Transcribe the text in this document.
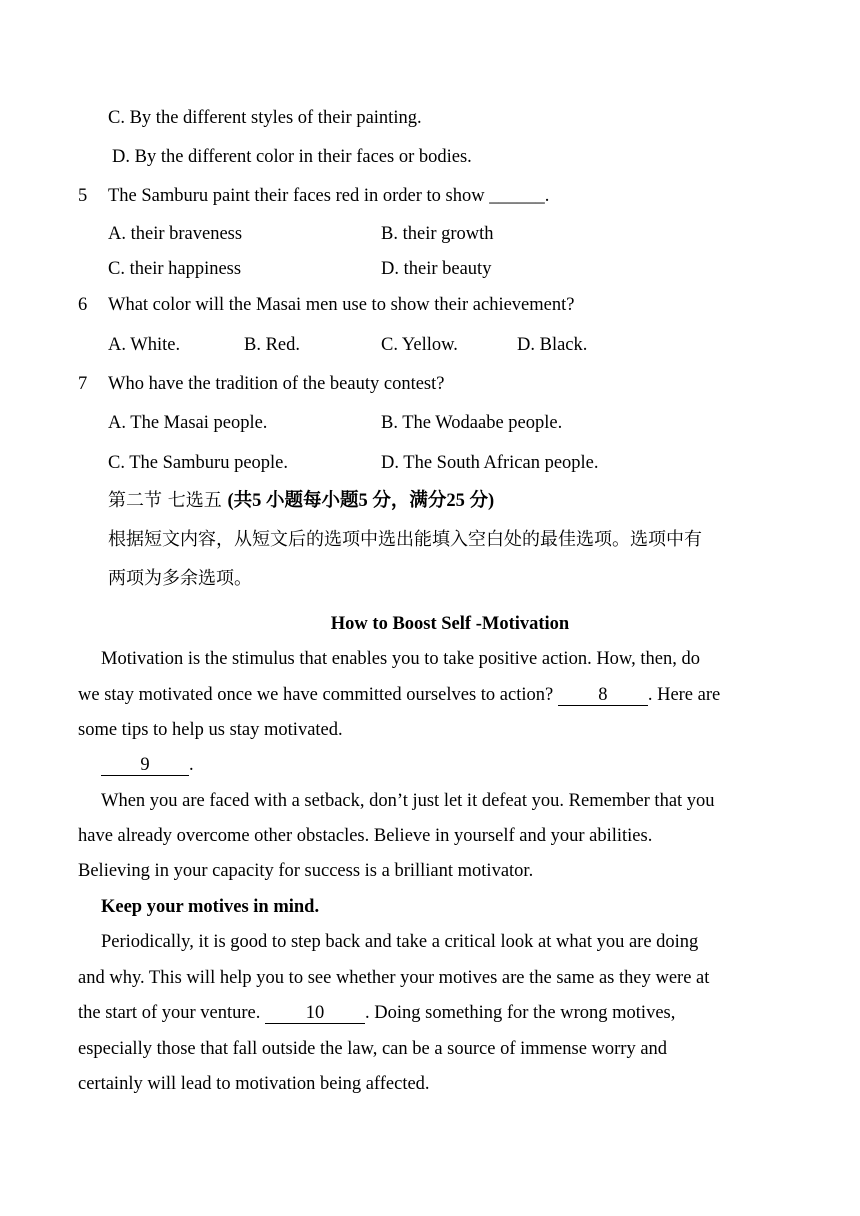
C. By the different styles of their painting.
D. By the different color in their faces or bodies.
5 The Samburu paint their faces red in order to show ______.
A. their braveness	B. their growth
C. their happiness	D. their beauty
6 What color will the Masai men use to show their achievement?
A. White.	B. Red.	C. Yellow.	D. Black.
7 Who have the tradition of the beauty contest?
A. The Masai people.	B. The Wodaabe people.
C. The Samburu people.	D. The South African people.
第二节 七选五 (共5 小题每小题5 分，满分25 分)
根据短文内容，从短文后的选项中选出能填入空白处的最佳选项。选项中有
两项为多余选项。
How to Boost Self -Motivation
Motivation is the stimulus that enables you to take positive action. How, then, do
we stay motivated once we have committed ourselves to action? 8 . Here are
some tips to help us stay motivated.
9 .
When you are faced with a setback, don’t just let it defeat you. Remember that you
have already overcome other obstacles. Believe in yourself and your abilities.
Believing in your capacity for success is a brilliant motivator.
Keep your motives in mind.
Periodically, it is good to step back and take a critical look at what you are doing
and why. This will help you to see whether your motives are the same as they were at
the start of your venture. 10 . Doing something for the wrong motives,
especially those that fall outside the law, can be a source of immense worry and
certainly will lead to motivation being affected.
